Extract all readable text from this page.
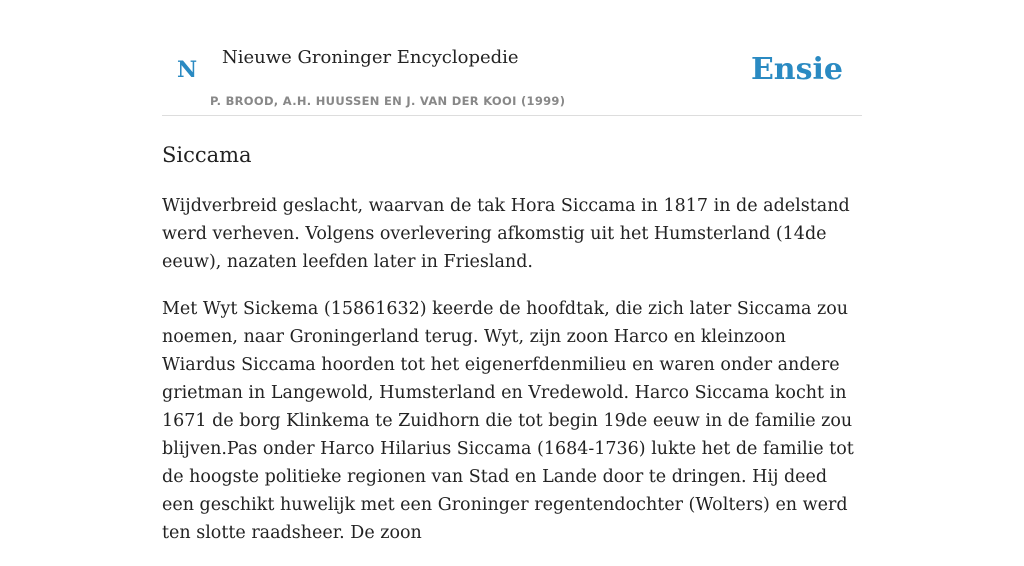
N Nieuwe Groninger Encyclopedie
P. BROOD, A.H. HUUSSEN EN J. VAN DER KOOI (1999)
Ensie
Siccama

Wijdverbreid geslacht, waarvan de tak Hora Siccama in 1817 in de adelstand werd verheven. Volgens overlevering afkomstig uit het Humsterland (14de eeuw), nazaten leefden later in Friesland.

Met Wyt Sickema (15861632) keerde de hoofdtak, die zich later Siccama zou noemen, naar Groningerland terug. Wyt, zijn zoon Harco en kleinzoon Wiardus Siccama hoorden tot het eigenerfdenmilieu en waren onder andere grietman in Langewold, Humsterland en Vredewold. Harco Siccama kocht in 1671 de borg Klinkema te Zuidhorn die tot begin 19de eeuw in de familie zou blijven.Pas onder Harco Hilarius Siccama (1684-1736) lukte het de familie tot de hoogste politieke regionen van Stad en Lande door te dringen. Hij deed een geschikt huwelijk met een Groninger regentendochter (Wolters) en werd ten slotte raadsheer. De zoon
